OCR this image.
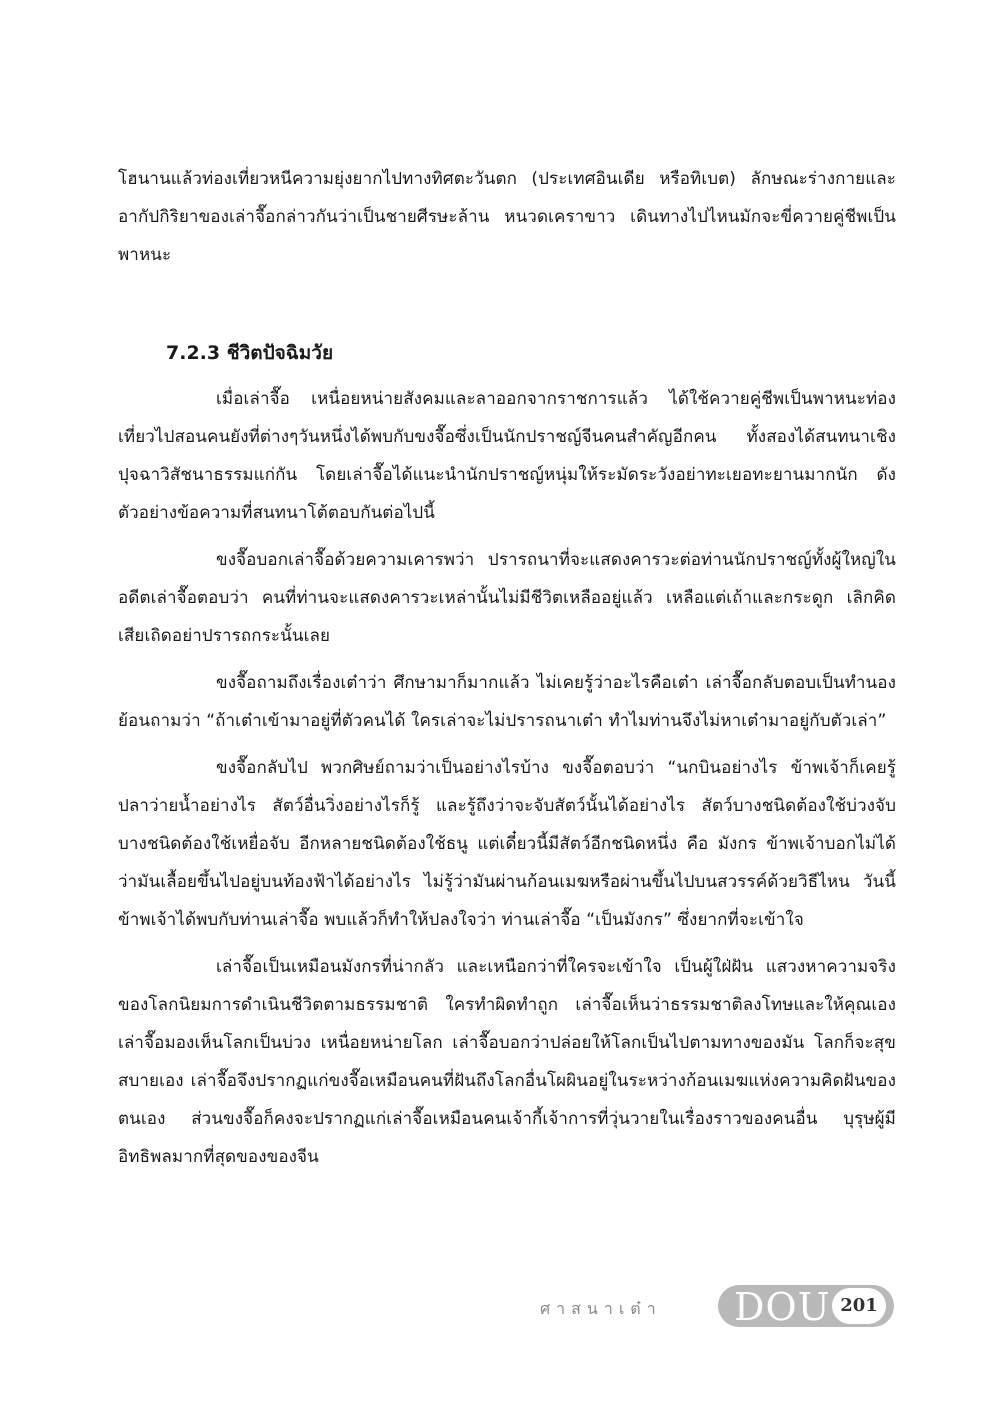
โฮนานแล้วท่องเที่ยวหนีความยุ่งยากไปทางทิศตะวันตก (ประเทศอินเดีย หรือทิเบต) ลักษณะร่างกายและอากัปกิริยาของเล่าจื๊อกล่าวกันว่าเป็นชายศีรษะล้าน หนวดเคราขาว เดินทางไปไหนมักจะขี่ควายคู่ชีพเป็นพาหนะ

7.2.3 ชีวิตปัจฉิมวัย

เมื่อเล่าจื๊อ เหนื่อยหน่ายสังคมและลาออกจากราชการแล้ว ได้ใช้ควายคู่ชีพเป็นพาหนะท่องเที่ยวไปสอนคนยังที่ต่างๆวันหนึ่งได้พบกับขงจื๊อซึ่งเป็นนักปราชญ์จีนคนสำคัญอีกคน ทั้งสองได้สนทนาเชิงปุจฉาวิสัชนาธรรมแก่กัน โดยเล่าจื๊อได้แนะนำนักปราชญ์หนุ่มให้ระมัดระวังอย่าทะเยอทะยานมากนัก ดังตัวอย่างข้อความที่สนทนาโต้ตอบกันต่อไปนี้

ขงจื๊อบอกเล่าจื๊อด้วยความเคารพว่า ปรารถนาที่จะแสดงคารวะต่อท่านนักปราชญ์ทั้งผู้ใหญ่ในอดีตเล่าจื๊อตอบว่า คนที่ท่านจะแสดงคารวะเหล่านั้นไม่มีชีวิตเหลืออยู่แล้ว เหลือแต่เถ้าและกระดูก เลิกคิดเสียเถิดอย่าปรารถกระนั้นเลย

ขงจื๊อถามถึงเรื่องเต๋าว่า ศึกษามาก็มากแล้ว ไม่เคยรู้ว่าอะไรคือเต๋า เล่าจื๊อกลับตอบเป็นทำนองย้อนถามว่า “ถ้าเต๋าเข้ามาอยู่ที่ตัวคนได้ ใครเล่าจะไม่ปรารถนาเต๋า ทำไมท่านจึงไม่หาเต๋ามาอยู่กับตัวเล่า”

ขงจื๊อกลับไป พวกศิษย์ถามว่าเป็นอย่างไรบ้าง ขงจื๊อตอบว่า “นกบินอย่างไร ข้าพเจ้าก็เคยรู้ ปลาว่ายน้ำอย่างไร สัตว์อื่นวิ่งอย่างไรก็รู้ และรู้ถึงว่าจะจับสัตว์นั้นได้อย่างไร สัตว์บางชนิดต้องใช้บ่วงจับ บางชนิดต้องใช้เหยื่อจับ อีกหลายชนิดต้องใช้ธนู แต่เดี๋ยวนี้มีสัตว์อีกชนิดหนึ่ง คือ มังกร ข้าพเจ้าบอกไม่ได้ว่ามันเลื้อยขึ้นไปอยู่บนท้องฟ้าได้อย่างไร ไม่รู้ว่ามันผ่านก้อนเมฆหรือผ่านขึ้นไปบนสวรรค์ด้วยวิธีไหน วันนี้ข้าพเจ้าได้พบกับท่านเล่าจื๊อ พบแล้วก็ทำให้ปลงใจว่า ท่านเล่าจื๊อ “เป็นมังกร” ซึ่งยากที่จะเข้าใจ

เล่าจื๊อเป็นเหมือนมังกรที่น่ากลัว และเหนือกว่าที่ใครจะเข้าใจ เป็นผู้ใฝ่ฝัน แสวงหาความจริงของโลกนิยมการดำเนินชีวิตตามธรรมชาติ ใครทำผิดทำถูก เล่าจื๊อเห็นว่าธรรมชาติลงโทษและให้คุณเอง เล่าจื๊อมองเห็นโลกเป็นบ่วง เหนื่อยหน่ายโลก เล่าจื๊อบอกว่าปล่อยให้โลกเป็นไปตามทางของมัน โลกก็จะสุขสบายเอง เล่าจื๊อจึงปรากฏแก่ขงจื๊อเหมือนคนที่ฝันถึงโลกอื่นโผผินอยู่ในระหว่างก้อนเมฆแห่งความคิดฝันของตนเอง ส่วนขงจื๊อก็คงจะปรากฏแก่เล่าจื๊อเหมือนคนเจ้ากี้เจ้าการที่วุ่นวายในเรื่องราวของคนอื่น บุรุษผู้มีอิทธิพลมากที่สุดของของจีน

ศาสนาเต๋า DOU 201
